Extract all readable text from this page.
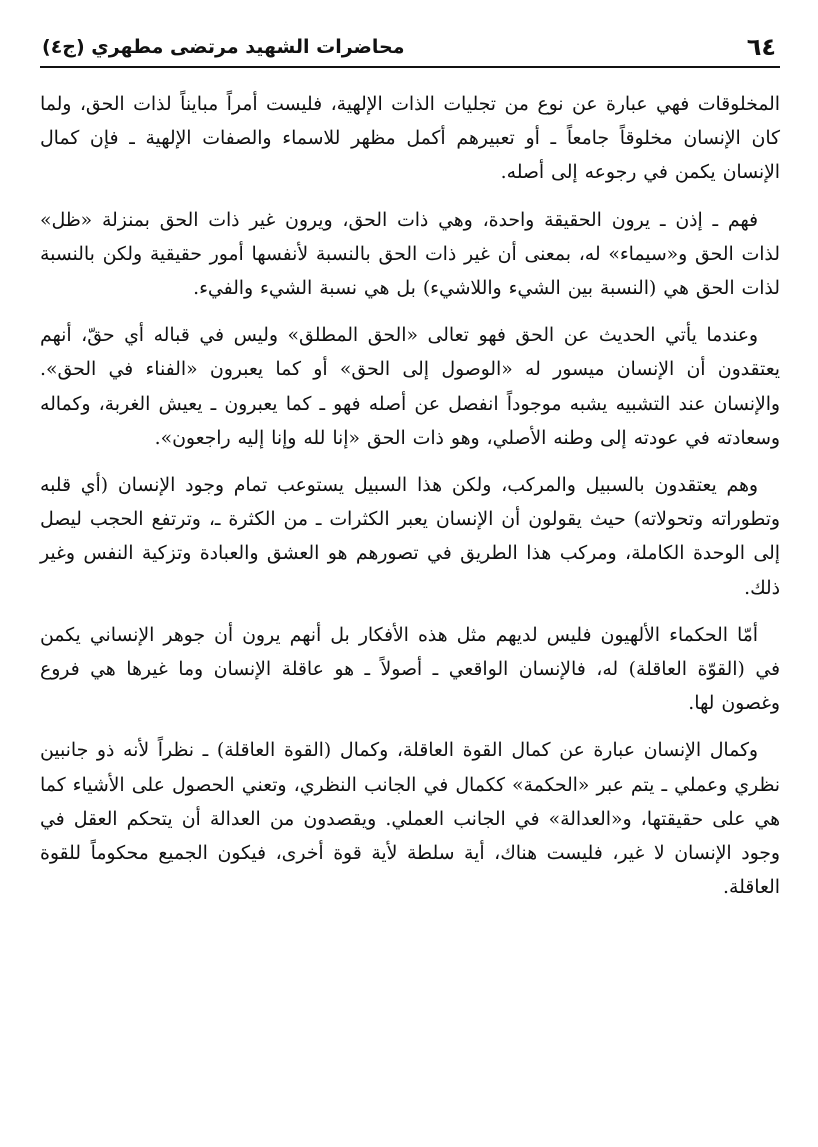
٦٤
محاضرات الشهيد مرتضى مطهري (ج٤)

المخلوقات فهي عبارة عن نوع من تجليات الذات الإلهية، فليست أمراً مبايناً لذات الحق، ولما كان الإنسان مخلوقاً جامعاً ـ أو تعبيرهم أكمل مظهر للاسماء والصفات الإلهية ـ فإن كمال الإنسان يكمن في رجوعه إلى أصله.

فهم ـ إذن ـ يرون الحقيقة واحدة، وهي ذات الحق، ويرون غير ذات الحق بمنزلة «ظل» لذات الحق و«سيماء» له، بمعنى أن غير ذات الحق بالنسبة لأنفسها أمور حقيقية ولكن بالنسبة لذات الحق هي (النسبة بين الشيء واللاشيء) بل هي نسبة الشيء والفيء.

وعندما يأتي الحديث عن الحق فهو تعالى «الحق المطلق» وليس في قباله أي حقّ، أنهم يعتقدون أن الإنسان ميسور له «الوصول إلى الحق» أو كما يعبرون «الفناء في الحق». والإنسان عند التشبيه يشبه موجوداً انفصل عن أصله فهو ـ كما يعبرون ـ يعيش الغربة، وكماله وسعادته في عودته إلى وطنه الأصلي، وهو ذات الحق «إنا لله وإنا إليه راجعون».

وهم يعتقدون بالسبيل والمركب، ولكن هذا السبيل يستوعب تمام وجود الإنسان (أي قلبه وتطوراته وتحولاته) حيث يقولون أن الإنسان يعبر الكثرات ـ من الكثرة ـ، وترتفع الحجب ليصل إلى الوحدة الكاملة، ومركب هذا الطريق في تصورهم هو العشق والعبادة وتزكية النفس وغير ذلك.

أمّا الحكماء الألهيون فليس لديهم مثل هذه الأفكار بل أنهم يرون أن جوهر الإنساني يكمن في (القوّة العاقلة) له، فالإنسان الواقعي ـ أصولاً ـ هو عاقلة الإنسان وما غيرها هي فروع وغصون لها.

وكمال الإنسان عبارة عن كمال القوة العاقلة، وكمال (القوة العاقلة) ـ نظراً لأنه ذو جانبين نظري وعملي ـ يتم عبر «الحكمة» ككمال في الجانب النظري، وتعني الحصول على الأشياء كما هي على حقيقتها، و«العدالة» في الجانب العملي. ويقصدون من العدالة أن يتحكم العقل في وجود الإنسان لا غير، فليست هناك، أية سلطة لأية قوة أخرى، فيكون الجميع محكوماً للقوة العاقلة.
